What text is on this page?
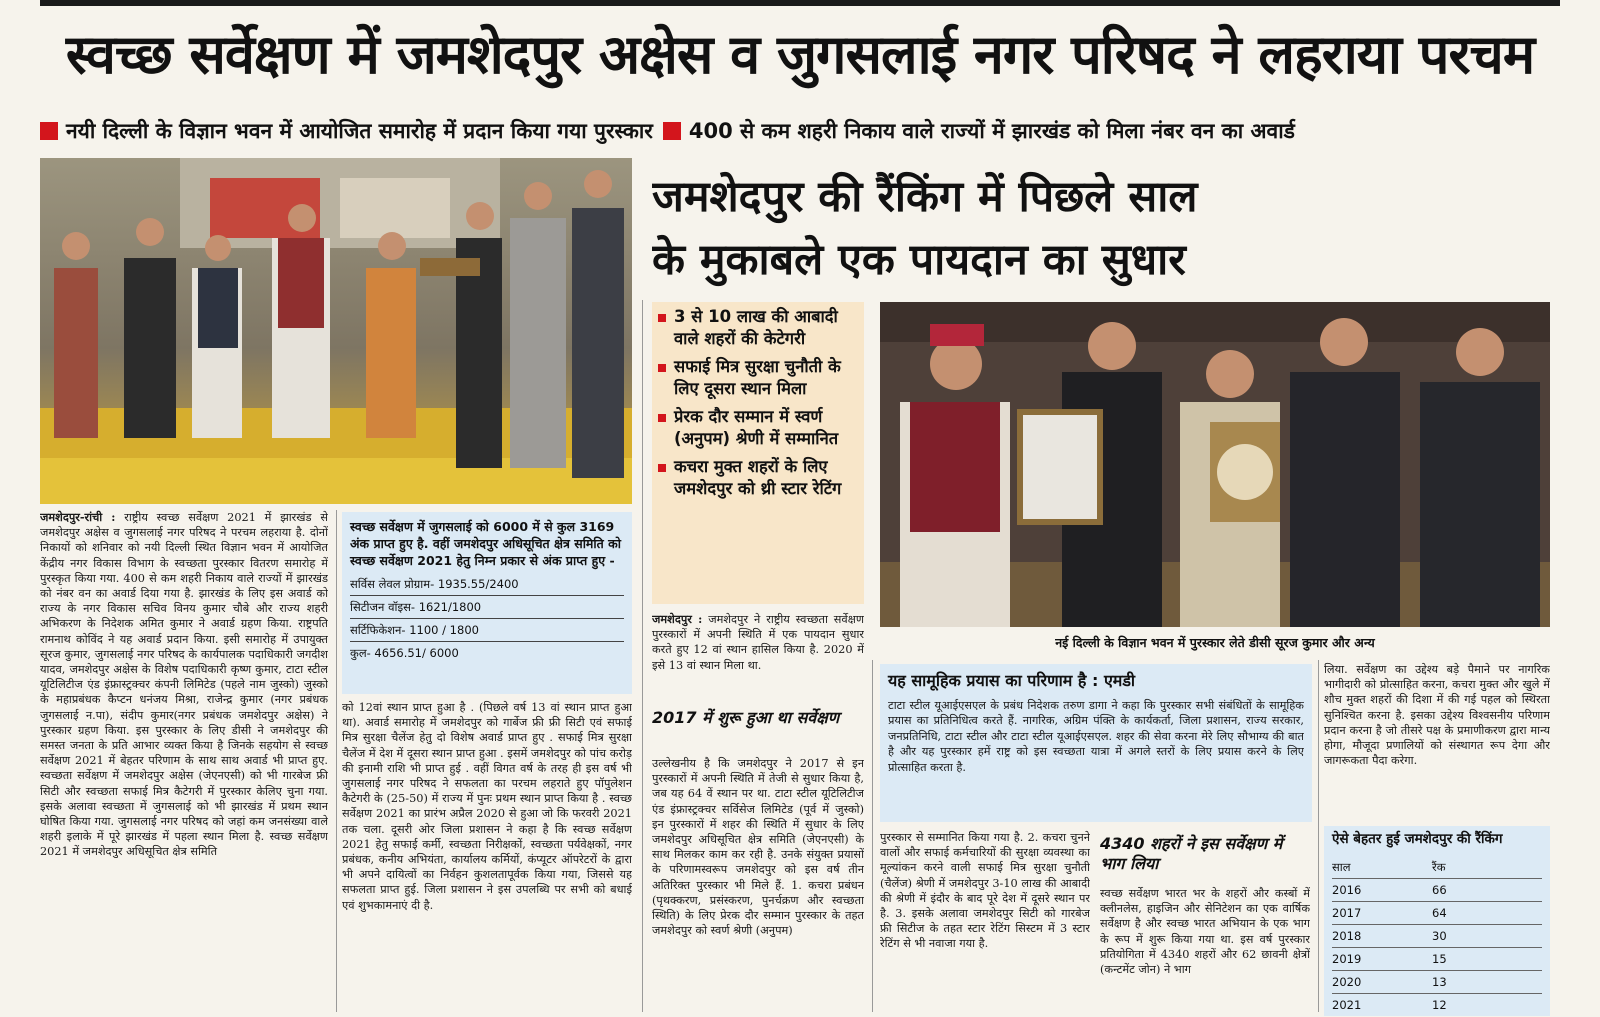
स्वच्छ सर्वेक्षण में जमशेदपुर अक्षेस व जुगसलाई नगर परिषद ने लहराया परचम
नयी दिल्ली के विज्ञान भवन में आयोजित समारोह में प्रदान किया गया पुरस्कार 400 से कम शहरी निकाय वाले राज्यों में झारखंड को मिला नंबर वन का अवार्ड
जमशेदपुर की रैंकिंग में पिछले साल
के मुकाबले एक पायदान का सुधार
3 से 10 लाख की आबादी वाले शहरों की केटेगरी
सफाई मित्र सुरक्षा चुनौती के लिए दूसरा स्थान मिला
प्रेरक दौर सम्मान में स्वर्ण (अनुपम) श्रेणी में सम्मानित
कचरा मुक्त शहरों के लिए जमशेदपुर को थ्री स्टार रेटिंग
नई दिल्ली के विज्ञान भवन में पुरस्कार लेते डीसी सूरज कुमार और अन्य
जमशेदपुर-रांची : राष्ट्रीय स्वच्छ सर्वेक्षण 2021 में झारखंड से जमशेदपुर अक्षेस व जुगसलाई नगर परिषद ने परचम लहराया है. दोनों निकायों को शनिवार को नयी दिल्ली स्थित विज्ञान भवन में आयोजित केंद्रीय नगर विकास विभाग के स्वच्छता पुरस्कार वितरण समारोह में पुरस्कृत किया गया. 400 से कम शहरी निकाय वाले राज्यों में झारखंड को नंबर वन का अवार्ड दिया गया है. झारखंड के लिए इस अवार्ड को राज्य के नगर विकास सचिव विनय कुमार चौबे और राज्य शहरी अभिकरण के निदेशक अमित कुमार ने अवार्ड ग्रहण किया. राष्ट्रपति रामनाथ कोविंद ने यह अवार्ड प्रदान किया. इसी समारोह में उपायुक्त सूरज कुमार, जुगसलाई नगर परिषद के कार्यपालक पदाधिकारी जगदीश यादव, जमशेदपुर अक्षेस के विशेष पदाधिकारी कृष्ण कुमार, टाटा स्टील यूटिलिटीज एंड इंफ्रास्ट्रक्चर कंपनी लिमिटेड (पहले नाम जुस्को) जुस्को के महाप्रबंधक कैप्टन धनंजय मिश्रा, राजेन्द्र कुमार (नगर प्रबंधक जुगसलाई न.पा), संदीप कुमार(नगर प्रबंधक जमशेदपुर अक्षेस) ने पुरस्कार ग्रहण किया. इस पुरस्कार के लिए डीसी ने जमशेदपुर की समस्त जनता के प्रति आभार व्यक्त किया है जिनके सहयोग से स्वच्छ सर्वेक्षण 2021 में बेहतर परिणाम के साथ साथ अवार्ड भी प्राप्त हुए. स्वच्छता सर्वेक्षण में जमशेदपुर अक्षेस (जेएनएसी) को भी गारबेज फ्री सिटी और स्वच्छता सफाई मित्र कैटेगरी में पुरस्कार केलिए चुना गया. इसके अलावा स्वच्छता में जुगसलाई को भी झारखंड में प्रथम स्थान घोषित किया गया. जुगसलाई नगर परिषद को जहां कम जनसंख्या वाले शहरी इलाके में पूरे झारखंड में पहला स्थान मिला है. स्वच्छ सर्वेक्षण 2021 में जमशेदपुर अधिसूचित क्षेत्र समिति
स्वच्छ सर्वेक्षण में जुगसलाई को 6000 में से कुल 3169 अंक प्राप्त हुए है. वहीं जमशेदपुर अधिसूचित क्षेत्र समिति को स्वच्छ सर्वेक्षण 2021 हेतु निम्न प्रकार से अंक प्राप्त हुए -
सर्विस लेवल प्रोग्राम- 1935.55/2400
सिटीजन वॉइस- 1621/1800
सर्टिफिकेशन- 1100 / 1800
कुल- 4656.51/ 6000
को 12वां स्थान प्राप्त हुआ है . (पिछले वर्ष 13 वां स्थान प्राप्त हुआ था). अवार्ड समारोह में जमशेदपुर को गार्बेज फ्री फ्री सिटी एवं सफाई मित्र सुरक्षा चैलेंज हेतु दो विशेष अवार्ड प्राप्त हुए . सफाई मित्र सुरक्षा चैलेंज में देश में दूसरा स्थान प्राप्त हुआ . इसमें जमशेदपुर को पांच करोड़ की इनामी राशि भी प्राप्त हुई . वहीं विगत वर्ष के तरह ही इस वर्ष भी जुगसलाई नगर परिषद ने सफलता का परचम लहराते हुए पॉपुलेशन कैटेगरी के (25-50) में राज्य में पुनः प्रथम स्थान प्राप्त किया है . स्वच्छ सर्वेक्षण 2021 का प्रारंभ अप्रैल 2020 से हुआ जो कि फरवरी 2021 तक चला. दूसरी ओर जिला प्रशासन ने कहा है कि स्वच्छ सर्वेक्षण 2021 हेतु सफाई कर्मी, स्वच्छता निरीक्षकों, स्वच्छता पर्यवेक्षकों, नगर प्रबंधक, कनीय अभियंता, कार्यालय कर्मियों, कंप्यूटर ऑपरेटरों के द्वारा भी अपने दायित्वों का निर्वहन कुशलतापूर्वक किया गया, जिससे यह सफलता प्राप्त हुई. जिला प्रशासन ने इस उपलब्धि पर सभी को बधाई एवं शुभकामनाएं दी है.
जमशेदपुर : जमशेदपुर ने राष्ट्रीय स्वच्छता सर्वेक्षण पुरस्कारों में अपनी स्थिति में एक पायदान सुधार करते हुए 12 वां स्थान हासिल किया है. 2020 में इसे 13 वां स्थान मिला था.
2017 में शुरू हुआ था सर्वेक्षण
उल्लेखनीय है कि जमशेदपुर ने 2017 से इन पुरस्कारों में अपनी स्थिति में तेजी से सुधार किया है, जब यह 64 वें स्थान पर था. टाटा स्टील यूटिलिटीज एंड इंफ्रास्ट्रक्चर सर्विसेज लिमिटेड (पूर्व में जुस्को) इन पुरस्कारों में शहर की स्थिति में सुधार के लिए जमशेदपुर अधिसूचित क्षेत्र समिति (जेएनएसी) के साथ मिलकर काम कर रही है. उनके संयुक्त प्रयासों के परिणामस्वरूप जमशेदपुर को इस वर्ष तीन अतिरिक्त पुरस्कार भी मिले हैं. 1. कचरा प्रबंधन (पृथक्करण, प्रसंस्करण, पुनर्चक्रण और स्वच्छता स्थिति) के लिए प्रेरक दौर सम्मान पुरस्कार के तहत जमशेदपुर को स्वर्ण श्रेणी (अनुपम)
यह सामूहिक प्रयास का परिणाम है : एमडी
टाटा स्टील यूआईएसएल के प्रबंध निदेशक तरुण डागा ने कहा कि पुरस्कार सभी संबंधितों के सामूहिक प्रयास का प्रतिनिधित्व करते हैं. नागरिक, अग्रिम पंक्ति के कार्यकर्ता, जिला प्रशासन, राज्य सरकार, जनप्रतिनिधि, टाटा स्टील और टाटा स्टील यूआईएसएल. शहर की सेवा करना मेरे लिए सौभाग्य की बात है और यह पुरस्कार हमें राष्ट्र को इस स्वच्छता यात्रा में अगले स्तरों के लिए प्रयास करने के लिए प्रोत्साहित करता है.
पुरस्कार से सम्मानित किया गया है. 2. कचरा चुनने वालों और सफाई कर्मचारियों की सुरक्षा व्यवस्था का मूल्यांकन करने वाली सफाई मित्र सुरक्षा चुनौती (चैलेंज) श्रेणी में जमशेदपुर 3-10 लाख की आबादी की श्रेणी में इंदौर के बाद पूरे देश में दूसरे स्थान पर है. 3. इसके अलावा जमशेदपुर सिटी को गारबेज फ्री सिटीज के तहत स्टार रेटिंग सिस्टम में 3 स्टार रेटिंग से भी नवाजा गया है.
4340 शहरों ने इस सर्वेक्षण में भाग लिया
स्वच्छ सर्वेक्षण भारत भर के शहरों और कस्बों में क्लीनलेस, हाइजिन और सेनिटेशन का एक वार्षिक सर्वेक्षण है और स्वच्छ भारत अभियान के एक भाग के रूप में शुरू किया गया था. इस वर्ष पुरस्कार प्रतियोगिता में 4340 शहरों और 62 छावनी क्षेत्रों (कन्टमेंट जोन) ने भाग
लिया. सर्वेक्षण का उद्देश्य बड़े पैमाने पर नागरिक भागीदारी को प्रोत्साहित करना, कचरा मुक्त और खुले में शौच मुक्त शहरों की दिशा में की गई पहल को स्थिरता सुनिश्चित करना है. इसका उद्देश्य विश्वसनीय परिणाम प्रदान करना है जो तीसरे पक्ष के प्रमाणीकरण द्वारा मान्य होगा, मौजूदा प्रणालियों को संस्थागत रूप देगा और जागरूकता पैदा करेगा.
ऐसे बेहतर हुई जमशेदपुर की रैंकिंग
साल	रैंक
2016	66
2017	64
2018	30
2019	15
2020	13
2021	12
